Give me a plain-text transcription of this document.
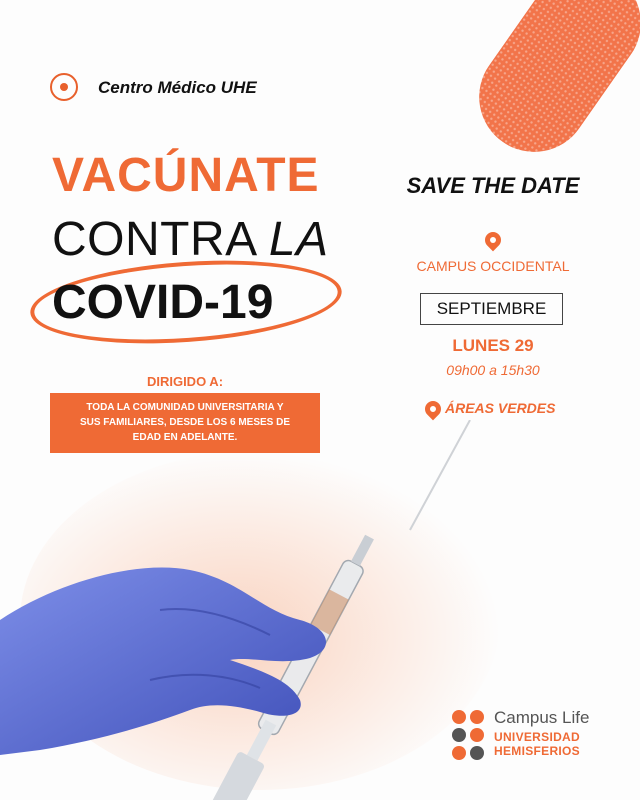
Centro Médico UHE
VACÚNATE
CONTRA LA
COVID-19
DIRIGIDO A:
TODA LA COMUNIDAD UNIVERSITARIA Y
SUS FAMILIARES, DESDE LOS 6 MESES DE
EDAD EN ADELANTE.
SAVE THE DATE
CAMPUS OCCIDENTAL
SEPTIEMBRE
LUNES 29
09h00 a 15h30
ÁREAS VERDES
Campus Life
UNIVERSIDAD
HEMISFERIOS
